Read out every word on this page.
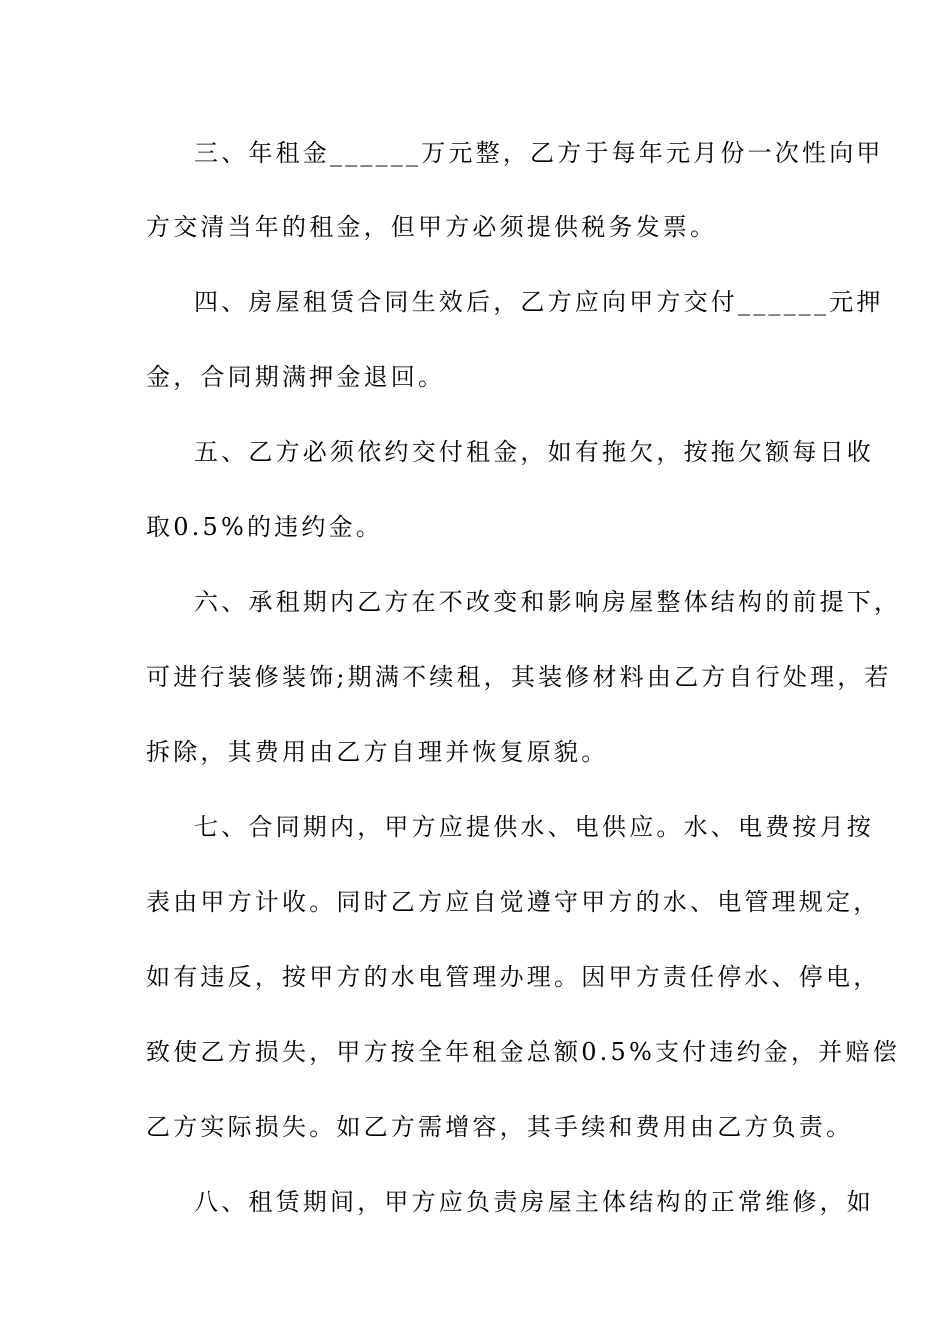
三、年租金______万元整，乙方于每年元月份一次性向甲
方交清当年的租金，但甲方必须提供税务发票。
四、房屋租赁合同生效后，乙方应向甲方交付______元押
金，合同期满押金退回。
五、乙方必须依约交付租金，如有拖欠，按拖欠额每日收
取0.5%的违约金。
六、承租期内乙方在不改变和影响房屋整体结构的前提下，
可进行装修装饰;期满不续租，其装修材料由乙方自行处理，若
拆除，其费用由乙方自理并恢复原貌。
七、合同期内，甲方应提供水、电供应。水、电费按月按
表由甲方计收。同时乙方应自觉遵守甲方的水、电管理规定，
如有违反，按甲方的水电管理办理。因甲方责任停水、停电，
致使乙方损失，甲方按全年租金总额0.5%支付违约金，并赔偿
乙方实际损失。如乙方需增容，其手续和费用由乙方负责。
八、租赁期间，甲方应负责房屋主体结构的正常维修，如
